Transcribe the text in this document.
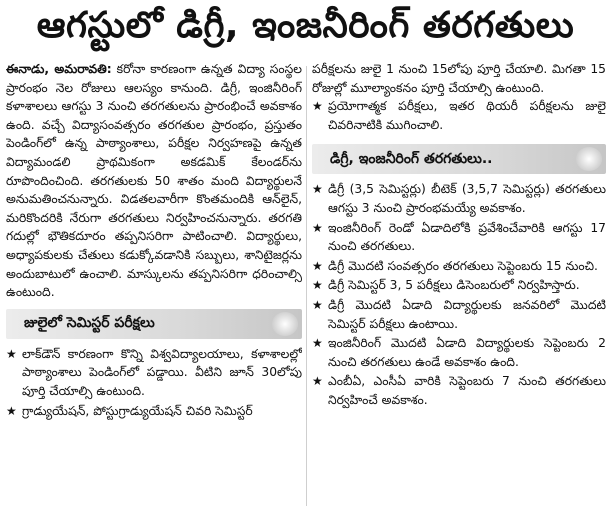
ఆగస్టులో డిగ్రీ, ఇంజనీరింగ్ తరగతులు

ఈనాడు, అమరావతి: కరోనా కారణంగా ఉన్నత విద్యా సంస్థల ప్రారంభం నెల రోజులు ఆలస్యం కానుంది. డిగ్రీ, ఇంజినీరింగ్ కళాశాలలు ఆగస్టు 3 నుంచి తరగతులను ప్రారంభించే అవకాశం ఉంది. వచ్చే విద్యాసంవత్సరం తరగతుల ప్రారంభం, ప్రస్తుతం పెండింగ్‌లో ఉన్న పాఠ్యాంశాలు, పరీక్షల నిర్వహణపై ఉన్నత విద్యామండలి ప్రాథమికంగా అకడమిక్ కేలండర్‌ను రూపొందించింది. తరగతులకు 50 శాతం మంది విద్యార్థులనే అనుమతించనున్నారు. విడతలవారీగా కొంతమందికి ఆన్‌లైన్, మరికొందరికి నేరుగా తరగతులు నిర్వహించనున్నారు. తరగతి గదుల్లో భౌతికదూరం తప్పనిసరిగా పాటించాలి. విద్యార్థులు, అధ్యాపకులకు చేతులు కడుక్కోవడానికి సబ్బులు, శానిటైజర్లను అందుబాటులో ఉంచాలి. మాస్కులను తప్పనిసరిగా ధరించాల్సి ఉంటుంది.

జులైలో సెమిస్టర్ పరీక్షలు
★ లాక్‌డౌన్ కారణంగా కొన్ని విశ్వవిద్యాలయాలు, కళాశాలల్లో పాఠ్యాంశాలు పెండింగ్‌లో పడ్డాయి. వీటిని జూన్ 30లోపు పూర్తి చేయాల్సి ఉంటుంది.
★ గ్రాడ్యుయేషన్, పోస్టుగ్రాడ్యుయేషన్ చివరి సెమిస్టర్

పరీక్షలను జులై 1 నుంచి 15లోపు పూర్తి చేయాలి. మిగతా 15 రోజుల్లో మూల్యాంకనం పూర్తి చేయాల్సి ఉంటుంది.

★ ప్రయోగాత్మక పరీక్షలు, ఇతర థియరీ పరీక్షలను జులై చివరినాటికి ముగించాలి.
డిగ్రీ, ఇంజనీరింగ్ తరగతులు..
★ డిగ్రీ (3,5 సెమిస్టర్లు) బీటెక్ (3,5,7 సెమిస్టర్లు) తరగతులు ఆగస్టు 3 నుంచి ప్రారంభమయ్యే అవకాశం.
★ ఇంజినీరింగ్ రెండో ఏడాదిలోకి ప్రవేశించేవారికి ఆగస్టు 17 నుంచి తరగతులు.
★ డిగ్రీ మొదటి సంవత్సరం తరగతులు సెప్టెంబరు 15 నుంచి.
★ డిగ్రీ సెమిస్టర్ 3, 5 పరీక్షలు డిసెంబరులో నిర్వహిస్తారు.
★ డిగ్రీ మొదటి ఏడాది విద్యార్థులకు జనవరిలో మొదటి సెమిస్టర్ పరీక్షలు ఉంటాయి.
★ ఇంజినీరింగ్ మొదటి ఏడాది విద్యార్థులకు సెప్టెంబరు 2 నుంచి తరగతులు ఉండే అవకాశం ఉంది.
★ ఎంబీఏ, ఎంసీఏ వారికి సెప్టెంబరు 7 నుంచి తరగతులు నిర్వహించే అవకాశం.
